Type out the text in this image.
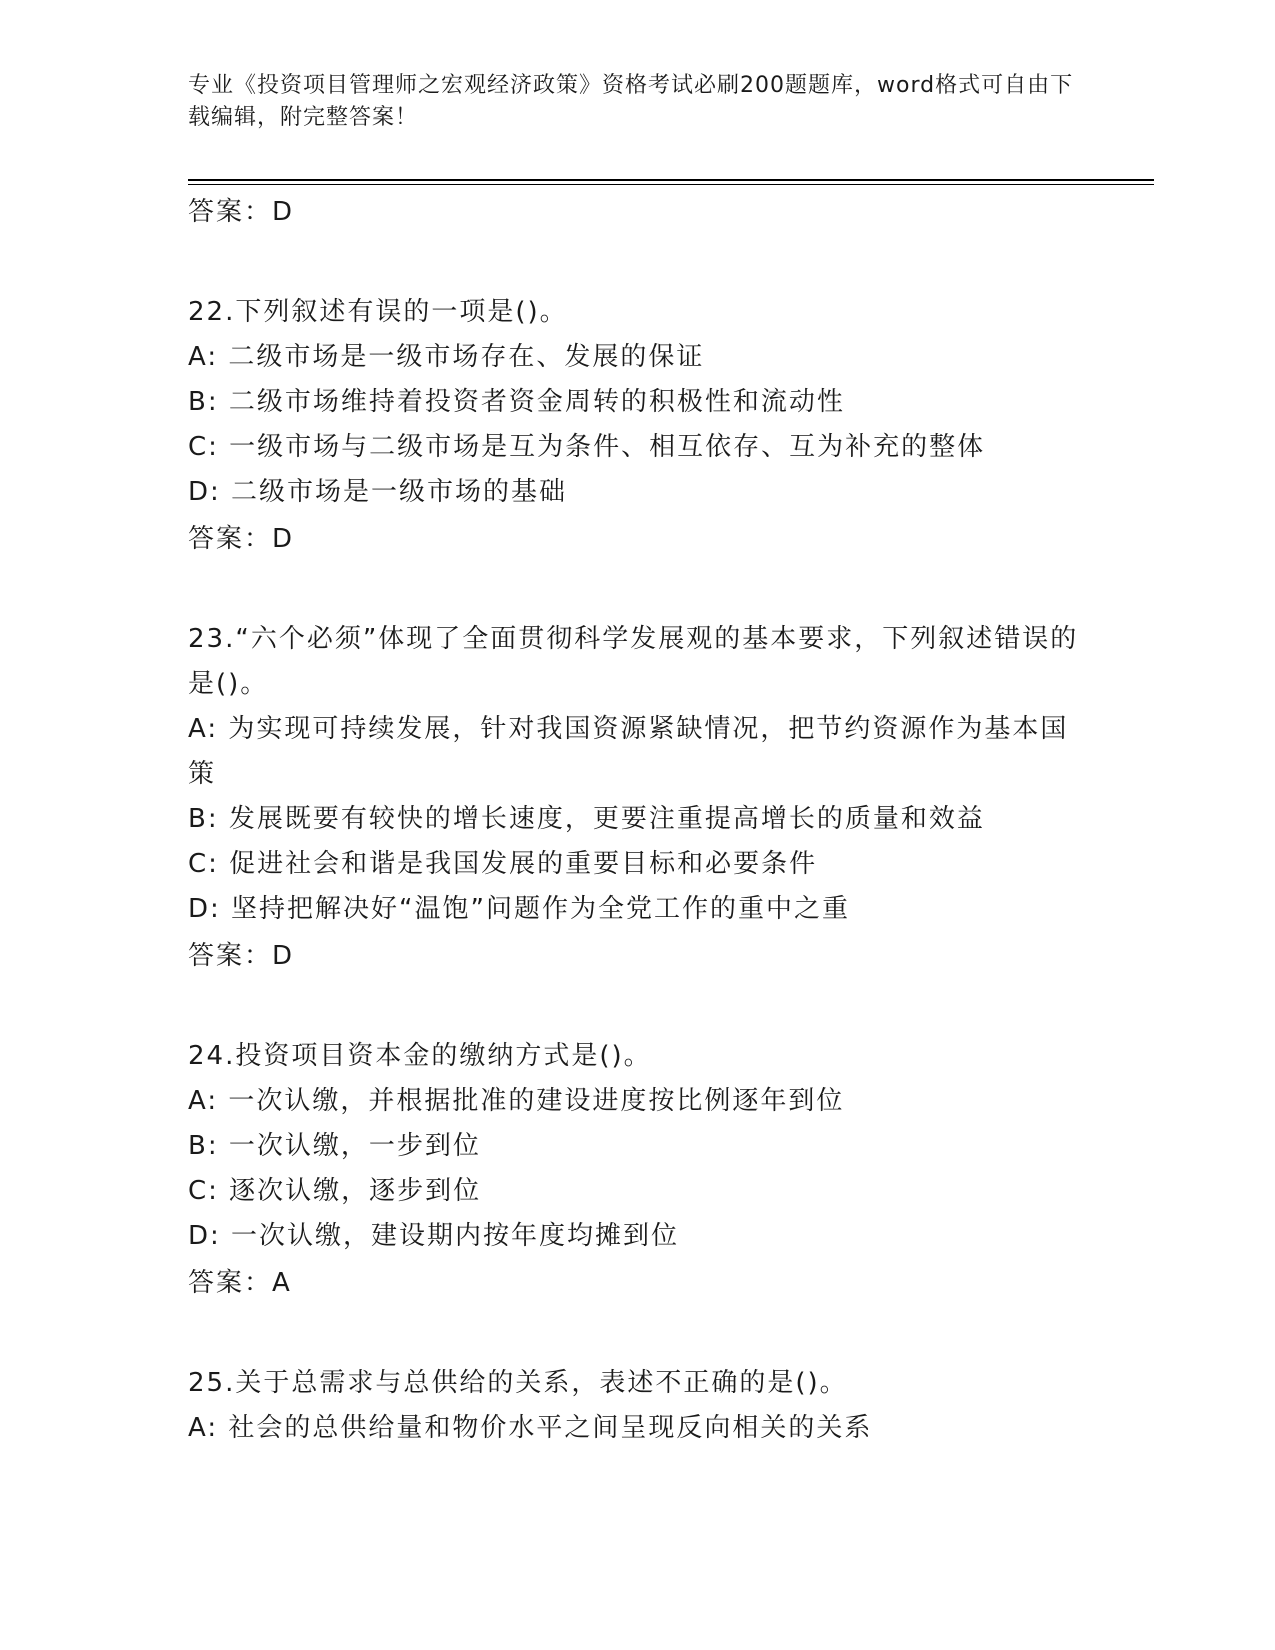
专业《投资项目管理师之宏观经济政策》资格考试必刷200题题库，word格式可自由下载编辑，附完整答案！
答案：D

22.下列叙述有误的一项是()。

A: 二级市场是一级市场存在、发展的保证

B: 二级市场维持着投资者资金周转的积极性和流动性

C: 一级市场与二级市场是互为条件、相互依存、互为补充的整体

D: 二级市场是一级市场的基础

答案：D

23.“六个必须”体现了全面贯彻科学发展观的基本要求，下列叙述错误的是()。

A: 为实现可持续发展，针对我国资源紧缺情况，把节约资源作为基本国策

B: 发展既要有较快的增长速度，更要注重提高增长的质量和效益

C: 促进社会和谐是我国发展的重要目标和必要条件

D: 坚持把解决好“温饱”问题作为全党工作的重中之重

答案：D

24.投资项目资本金的缴纳方式是()。

A: 一次认缴，并根据批准的建设进度按比例逐年到位

B: 一次认缴，一步到位

C: 逐次认缴，逐步到位

D: 一次认缴，建设期内按年度均摊到位

答案：A

25.关于总需求与总供给的关系，表述不正确的是()。

A: 社会的总供给量和物价水平之间呈现反向相关的关系
